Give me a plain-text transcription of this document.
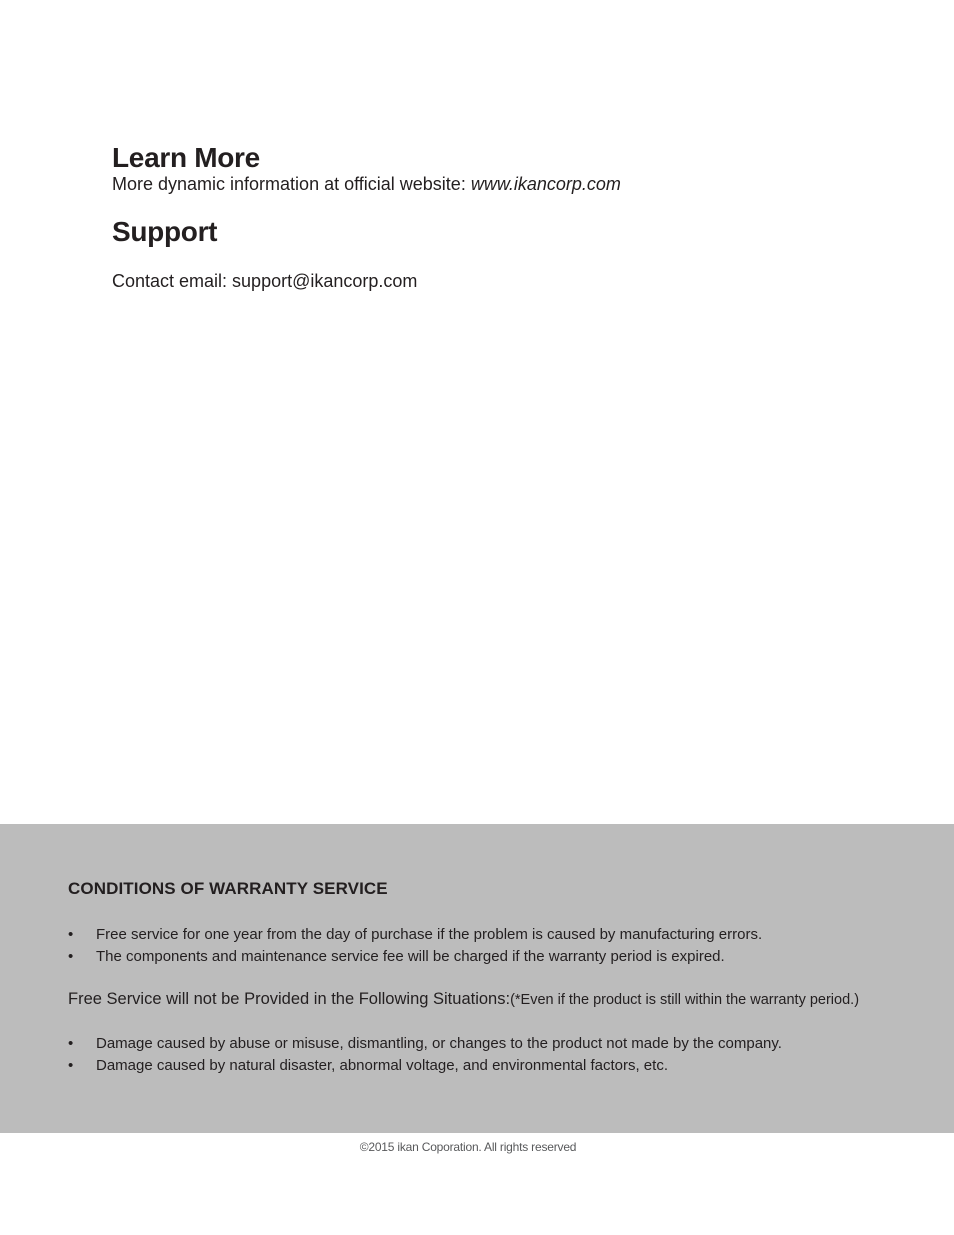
Learn More

More dynamic information at official website: www.ikancorp.com

Support

Contact email: support@ikancorp.com

CONDITIONS OF WARRANTY SERVICE
• Free service for one year from the day of purchase if the problem is caused by manufacturing errors.
• The components and maintenance service fee will be charged if the warranty period is expired.

Free Service will not be Provided in the Following Situations:(*Even if the product is still within the warranty period.)

• Damage caused by abuse or misuse, dismantling, or changes to the product not made by the company.
• Damage caused by natural disaster, abnormal voltage, and environmental factors, etc.

©2015 ikan Coporation. All rights reserved
